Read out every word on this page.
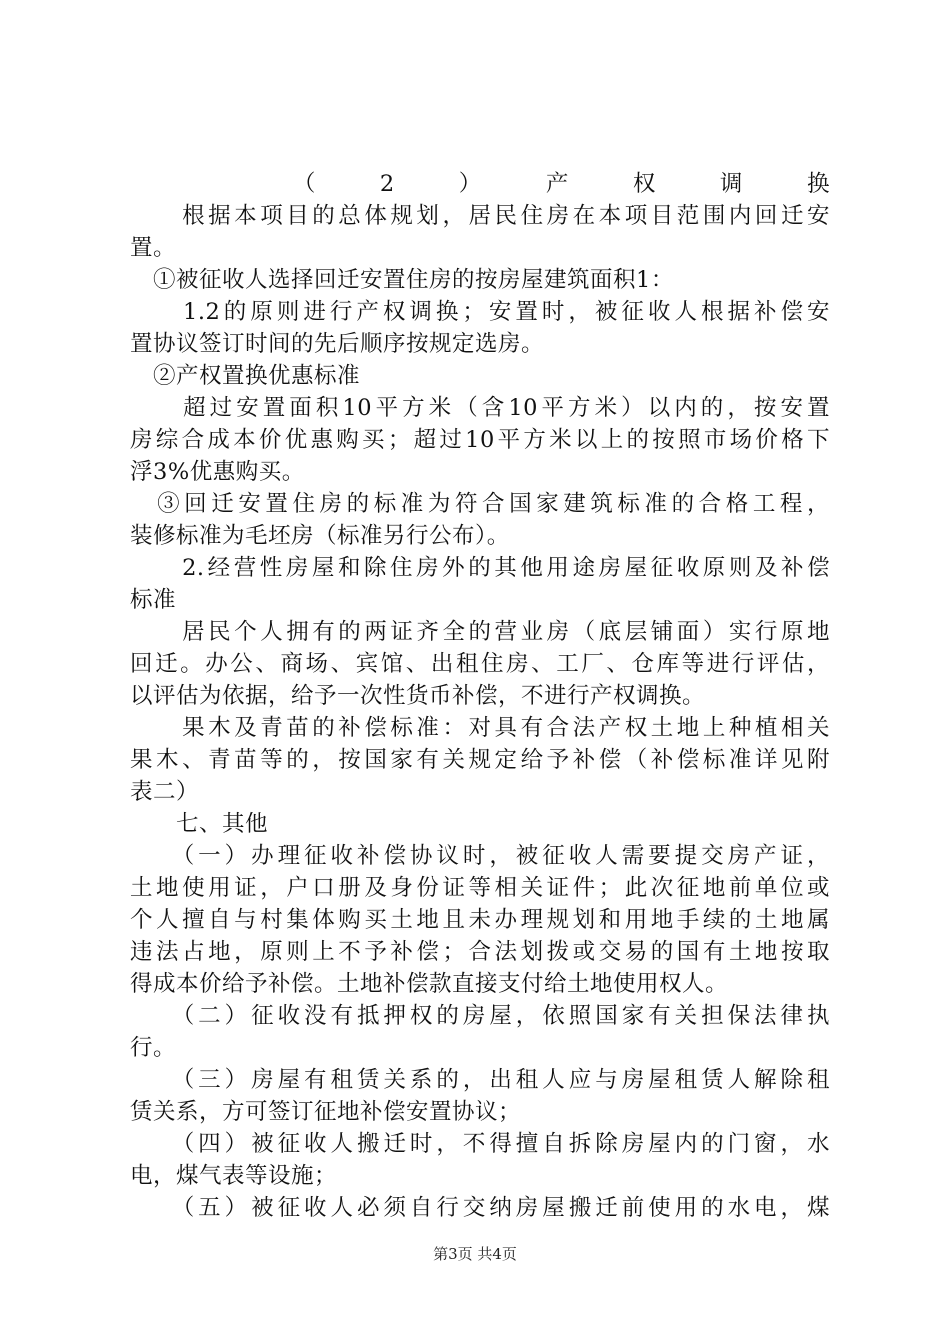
　　（2）产权调换
　　根据本项目的总体规划，居民住房在本项目范围内回迁安
置。
　①被征收人选择回迁安置住房的按房屋建筑面积1：
　　1.2的原则进行产权调换；安置时，被征收人根据补偿安
置协议签订时间的先后顺序按规定选房。
　②产权置换优惠标准
　　超过安置面积10平方米（含10平方米）以内的，按安置
房综合成本价优惠购买；超过10平方米以上的按照市场价格下
浮3%优惠购买。
　③回迁安置住房的标准为符合国家建筑标准的合格工程，
装修标准为毛坯房（标准另行公布）。
　　2.经营性房屋和除住房外的其他用途房屋征收原则及补偿
标准
　　居民个人拥有的两证齐全的营业房（底层铺面）实行原地
回迁。办公、商场、宾馆、出租住房、工厂、仓库等进行评估，
以评估为依据，给予一次性货币补偿，不进行产权调换。
　　果木及青苗的补偿标准：对具有合法产权土地上种植相关
果木、青苗等的，按国家有关规定给予补偿（补偿标准详见附
表二）
　　七、其他
　　（一）办理征收补偿协议时，被征收人需要提交房产证，
土地使用证，户口册及身份证等相关证件；此次征地前单位或
个人擅自与村集体购买土地且未办理规划和用地手续的土地属
违法占地，原则上不予补偿；合法划拨或交易的国有土地按取
得成本价给予补偿。土地补偿款直接支付给土地使用权人。
　　（二）征收没有抵押权的房屋，依照国家有关担保法律执
行。
　　（三）房屋有租赁关系的，出租人应与房屋租赁人解除租
赁关系，方可签订征地补偿安置协议；
　　（四）被征收人搬迁时，不得擅自拆除房屋内的门窗，水
电，煤气表等设施；
　　（五）被征收人必须自行交纳房屋搬迁前使用的水电，煤
第3页 共4页
